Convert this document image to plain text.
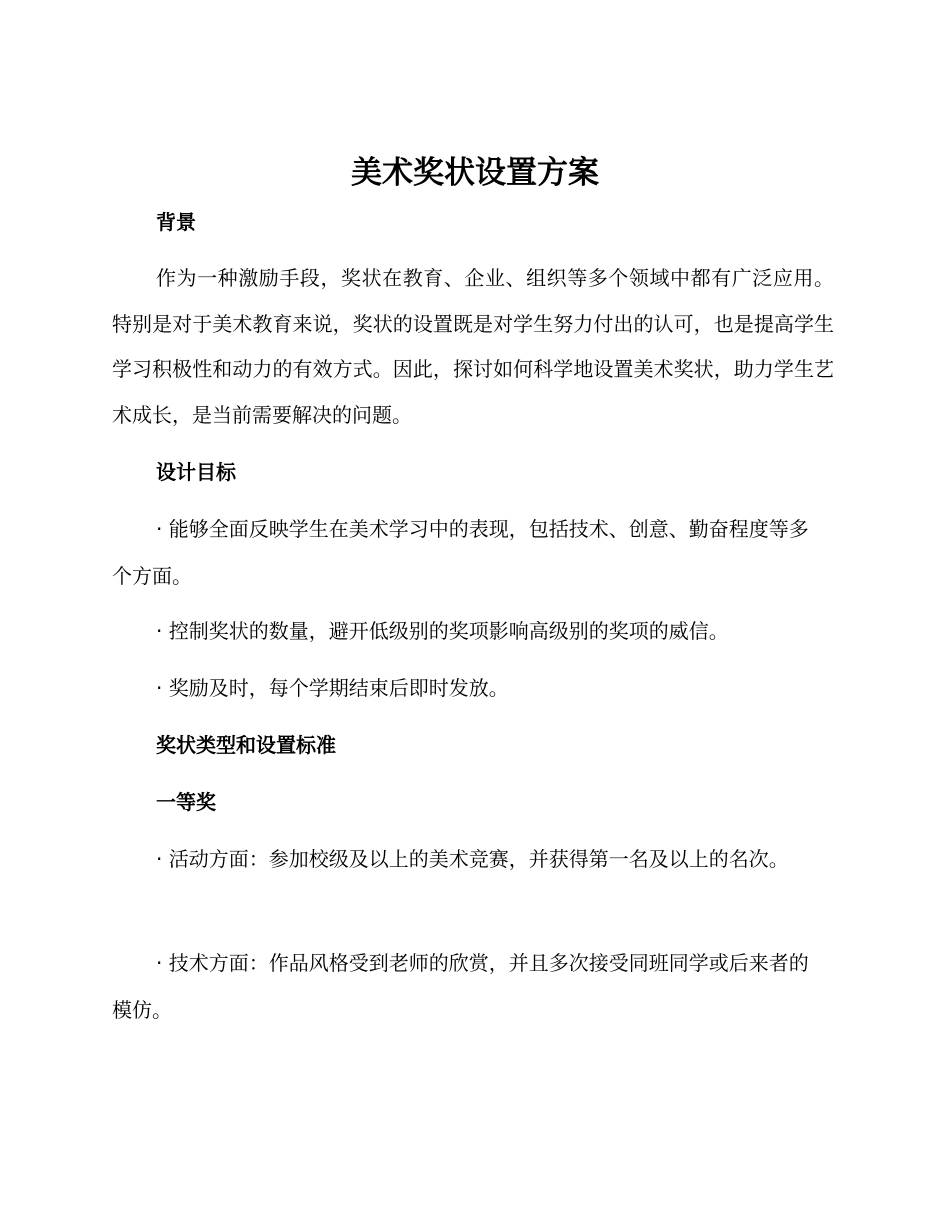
美术奖状设置方案
背景

作为一种激励手段，奖状在教育、企业、组织等多个领域中都有广泛应用。特别是对于美术教育来说，奖状的设置既是对学生努力付出的认可，也是提高学生学习积极性和动力的有效方式。因此，探讨如何科学地设置美术奖状，助力学生艺术成长，是当前需要解决的问题。

设计目标

· 能够全面反映学生在美术学习中的表现，包括技术、创意、勤奋程度等多个方面。

· 控制奖状的数量，避开低级别的奖项影响高级别的奖项的威信。

· 奖励及时，每个学期结束后即时发放。

奖状类型和设置标准
一等奖

· 活动方面：参加校级及以上的美术竞赛，并获得第一名及以上的名次。

· 技术方面：作品风格受到老师的欣赏，并且多次接受同班同学或后来者的模仿。
